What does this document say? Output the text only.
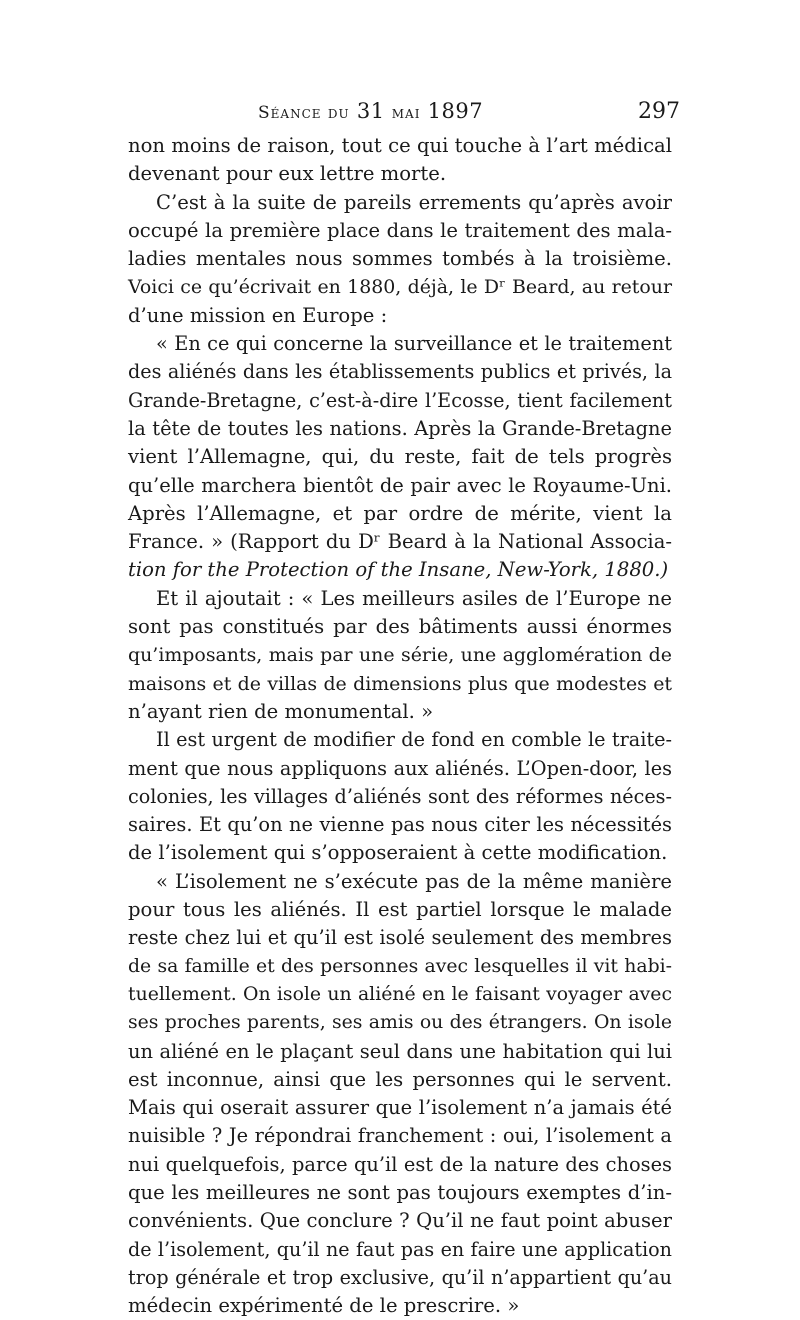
Séance du 31 mai 1897	297
non moins de raison, tout ce qui touche à l’art médical
devenant pour eux lettre morte.
C’est à la suite de pareils errements qu’après avoir
occupé la première place dans le traitement des mala-
ladies mentales nous sommes tombés à la troisième.
Voici ce qu’écrivait en 1880, déjà, le Dʳ Beard, au retour
d’une mission en Europe :
« En ce qui concerne la surveillance et le traitement
des aliénés dans les établissements publics et privés, la
Grande-Bretagne, c’est-à-dire l’Ecosse, tient facilement
la tête de toutes les nations. Après la Grande-Bretagne
vient l’Allemagne, qui, du reste, fait de tels progrès
qu’elle marchera bientôt de pair avec le Royaume-Uni.
Après l’Allemagne, et par ordre de mérite, vient la
France. » (Rapport du Dʳ Beard à la National Associa-
tion for the Protection of the Insane, New-York, 1880.)
Et il ajoutait : « Les meilleurs asiles de l’Europe ne
sont pas constitués par des bâtiments aussi énormes
qu’imposants, mais par une série, une agglomération de
maisons et de villas de dimensions plus que modestes et
n’ayant rien de monumental. »
Il est urgent de modifier de fond en comble le traite-
ment que nous appliquons aux aliénés. L’Open-door, les
colonies, les villages d’aliénés sont des réformes néces-
saires. Et qu’on ne vienne pas nous citer les nécessités
de l’isolement qui s’opposeraient à cette modification.
« L’isolement ne s’exécute pas de la même manière
pour tous les aliénés. Il est partiel lorsque le malade
reste chez lui et qu’il est isolé seulement des membres
de sa famille et des personnes avec lesquelles il vit habi-
tuellement. On isole un aliéné en le faisant voyager avec
ses proches parents, ses amis ou des étrangers. On isole
un aliéné en le plaçant seul dans une habitation qui lui
est inconnue, ainsi que les personnes qui le servent.
Mais qui oserait assurer que l’isolement n’a jamais été
nuisible ? Je répondrai franchement : oui, l’isolement a
nui quelquefois, parce qu’il est de la nature des choses
que les meilleures ne sont pas toujours exemptes d’in-
convénients. Que conclure ? Qu’il ne faut point abuser
de l’isolement, qu’il ne faut pas en faire une application
trop générale et trop exclusive, qu’il n’appartient qu’au
médecin expérimenté de le prescrire. »
